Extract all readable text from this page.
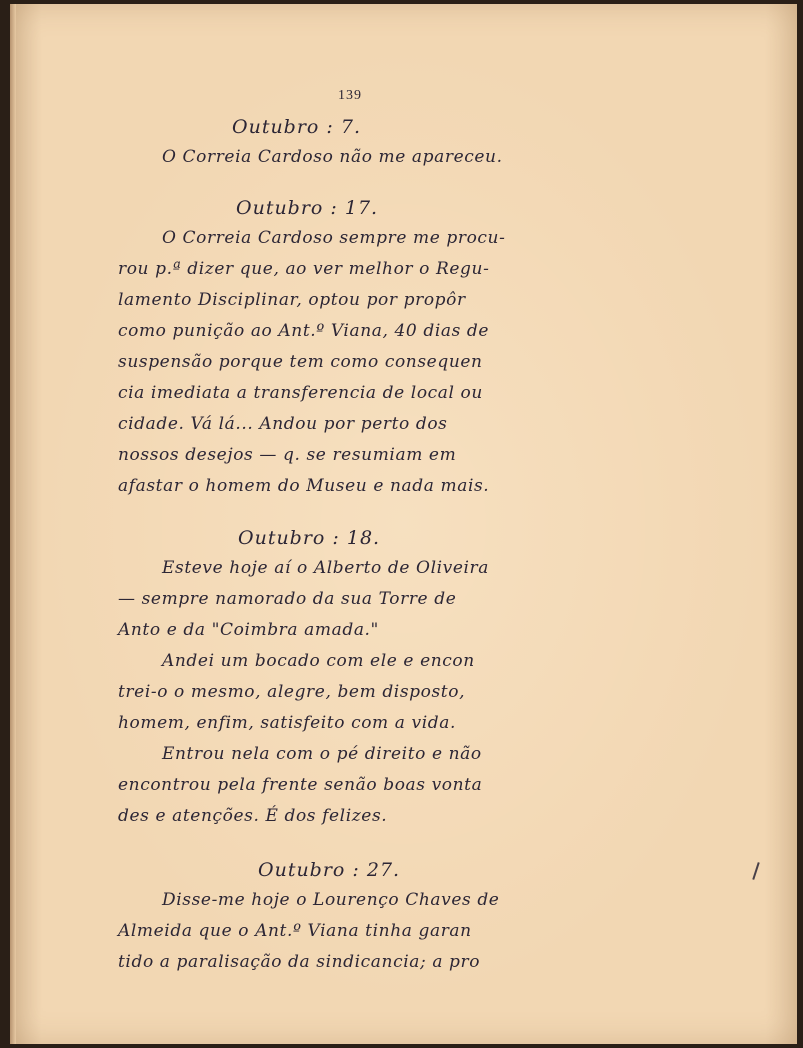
139
Outubro : 7.
O Correia Cardoso não me apareceu.
Outubro : 17.
O Correia Cardoso sempre me procu-
rou p.ª dizer que, ao ver melhor o Regu-
lamento Disciplinar, optou por propôr
como punição ao Ant.º Viana, 40 dias de
suspensão porque tem como consequen
cia imediata a transferencia de local ou
cidade. Vá lá... Andou por perto dos
nossos desejos — q. se resumiam em
afastar o homem do Museu e nada mais.
Outubro : 18.
Esteve hoje aí o Alberto de Oliveira
— sempre namorado da sua Torre de
Anto e da "Coimbra amada."
Andei um bocado com ele e encon
trei-o o mesmo, alegre, bem disposto,
homem, enfim, satisfeito com a vida.
Entrou nela com o pé direito e não
encontrou pela frente senão boas vonta
des e atenções. É dos felizes.
Outubro : 27.
Disse-me hoje o Lourenço Chaves de
Almeida que o Ant.º Viana tinha garan
tido a paralisação da sindicancia; a pro
